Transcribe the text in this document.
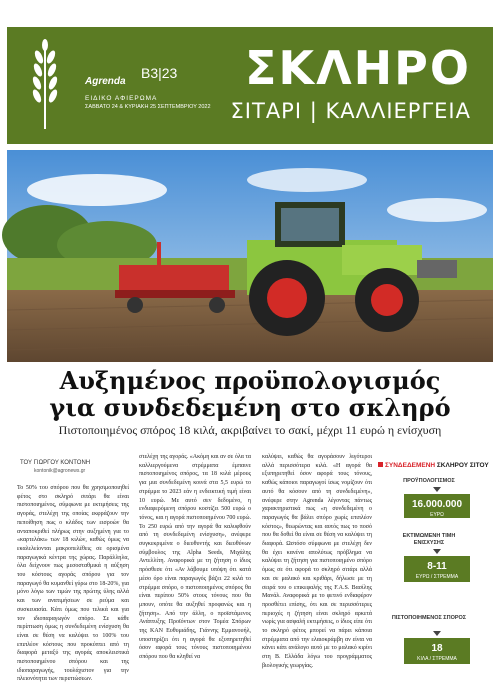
Agrenda
B3|23
ΕΙΔΙΚΟ ΑΦΙΕΡΩΜΑ
ΣΑΒΒΑΤΟ 24 & ΚΥΡΙΑΚΗ 25 ΣΕΠΤΕΜΒΡΙΟΥ 2022
ΣΚΛΗΡΟ
ΣΙΤΑΡΙ | ΚΑΛΛΙΕΡΓΕΙΑ
Αυξημένος προϋπολογισμός
για συνδεδεμένη στο σκληρό
Πιστοποιημένος σπόρος 18 κιλά, ακριβαίνει το σακί, μέχρι 11 ευρώ η ενίσχυση
ΤΟΥ ΓΙΩΡΓΟΥ ΚΟΝΤΟΝΗ
kontonik@agronews.gr
Το 50% του σπόρου που θα χρησιμοποιηθεί φέτος στο σκληρό σιτάρι θα είναι πιστοποιημένος, σύμφωνα με εκτιμήσεις της αγοράς, στελέχη της οποίας εκφράζουν την πεποίθηση πως ο κλάδος των εισροών θα ανταποκριθεί πλήρως στην αυξημένη για το «καρτελάκι» των 18 κιλών, καθώς όμως να εκαλελείονται μακροπελέθεις σε ορισμένα παραγωγικά κέντρα της χώρας. Παράλληλα, όλα δείχνουν πως μεσοσταθμικά η αύξηση του κόστους αγοράς σπόρου για τον παραγωγό θα κυμανθεί γύρω στο 18-20%, για μόνο λόγω των τιμών της πρώτης ύλης αλλά και των ανατιμήσεων σε ρεύμα και συσκευασία. Κάτι όμως που τελικά και για τον ιδιοπαραγωγόν σπόρο. Σε κάθε περίπτωση όμως η συνδεδεμένη ενίσχυση θα είναι σε θέση να καλύψει το 100% του επιπλέον κόστους που προκύπτει από τη διαφορά μεταξύ της αγοράς αποκλειστικά πιστοποιημένου σπόρου και της ιδιοπαραγωγής, τουλάχιστον για την πλειονότητα των περιπτώσεων.
στελέχη της αγοράς. «Ακόμη και αν σε όλα τα καλλιεργούμενα στρέμματα έμπαινε πιστοποιημένος σπόρος, τα 18 κιλά μέρους για μια συνδεδεμένη κοινά στα 5,5 ευρώ το στρέμμα το 2023 εάν η ενδεικτική τιμή είναι 10 ευρώ. Με αυτό σεν δεδομένο, η ενδιαφερόμενη σπόρου κοστίζει 500 ευρώ ο τόνος, και η αγορά πιστοποιημένου 700 ευρώ. Το 250 ευρώ από την αγορά θα καλυφθούν από τη συνδεδεμένη ενίσχυση», ανέφερε συγκεκριμένα ο διευθυντής και διευθύνων σύμβουλος της Alpha Seeds, Μιχάλης Αντελλίτη. Αναφορικά με τη ζήτηση ο ίδιος πρόσθεσε ότι «Αν λάβουμε υπόψη ότι κατά μέσο όρο είναι παραγωγός βάζει 22 κιλά το στρέμμα σπόρο, ο πιστοποιημένος σπόρος θα είναι περίπου 50% στους τόνους που θα μπουν, οπότε θα αυξηθεί προφανώς και η ζήτηση». Από την άλλη, ο προϊστάμενος Ανάπτυξης Προϊόντων στον Τομέα Σπόρων της ΚΑΝ Ευθυμιάδης, Γιάννης Εμμανουήλ, υποστηρίζει ότι η αγορά θα εξυπηρετηθεί όσον αφορά τους τόνους πιστοποιημένου σπόρου που θα κληθεί να
καλύψει, καθώς θα αγοράσουν λιγότεροι αλλά περισσότερα κιλά. «Η αγορά θα εξυπηρετηθεί όσον αφορά τους τόνους, καθώς κάποιοι παραγωγοί ίσως νομίζουν ότι αυτό θα κόσουν από τη συνδεδεμένη», ανέφερε στην Agrenda λέγοντας πάντως χαρακτηριστικά πως «η συνδεδεμένη ο παραγωγός θα βάλει σπόρο χωρίς επιπλέον κόστος», θεωρώντας και αυτός πως το ποσό που θα δοθεί θα είναι σε θέση να καλύψει τη διαφορά. Ωστόσο σύμφωνα με στελέχη δεν θα έχει κανένα απολύτως πρόβλημα να καλύψει τη ζήτηση για πιστοποιημένο σπόρο όμως σε ότι αφορά το σκληρό σιτάρι αλλά και σε μαλακό και κριθάρι, δήλωσε με τη σειρά του ο επικεφαλής της F.A.S. Βασίλης Μανάλ. Αναφορικά με το φετινό ενδιαφέρον προσθέτει επίσης, ότι και σε περισσότερες περιοχές η ζήτηση είναι σκληρό αρκετά νωρίς για ασφαλή εκτιμήσεις, ο ίδιος είπε ότι το σκληρό φέτος μπορεί να πάρει κάποια στρέμματα από την ελαιοκράμβη αν είναι να κάνει κάτι ανάλογο αυτό με το μαλακό κιρίνι στη Β. Ελλάδα λόγω του προγράμματος βιολογικής γεωργίας.
ΣΥΝΔΕΔΕΜΕΝΗ ΣΚΛΗΡΟΥ ΣΙΤΟΥ
ΠΡΟΫΠΟΛΟΓΙΣΜΟΣ
16.000.000
ΕΥΡΩ
ΕΚΤΙΜΩΜΕΝΗ ΤΙΜΗ ΕΝΙΣΧΥΣΗΣ
8-11
ΕΥΡΩ / ΣΤΡΕΜΜΑ
ΠΙΣΤΟΠΟΙΗΜΕΝΟΣ ΣΠΟΡΟΣ
18
ΚΙΛΑ / ΣΤΡΕΜΜΑ
